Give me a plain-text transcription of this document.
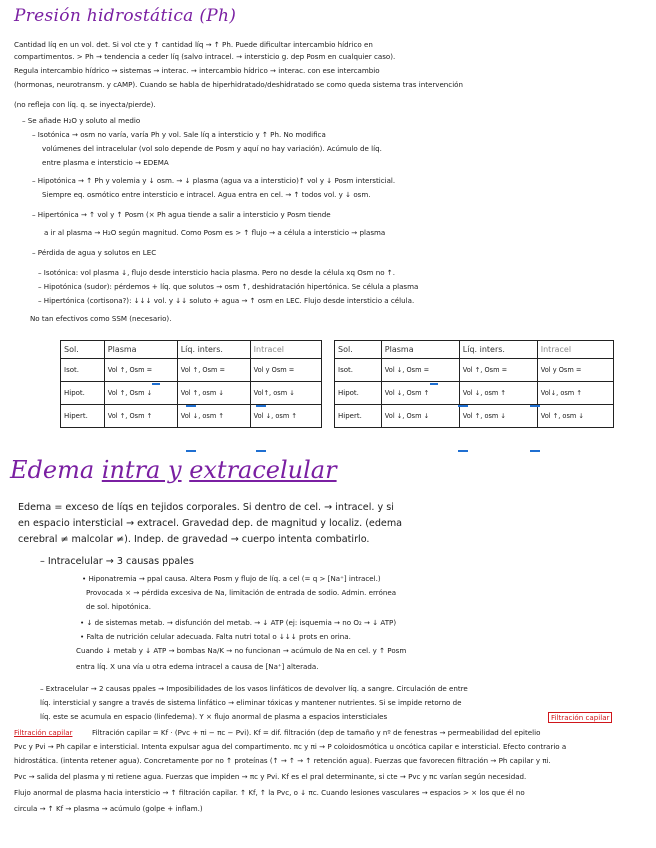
Presión hidrostática (Ph)
Cantidad líq en un vol. det. Si vol cte y ↑ cantidad líq → ↑ Ph. Puede dificultar intercambio hídrico en
compartimentos. > Ph → tendencia a ceder líq (salvo intracel. → intersticio g. dep Posm en cualquier caso).
Regula intercambio hídrico → sistemas → interac. → intercambio hídrico → interac. con ese intercambio
(hormonas, neurotransm. y cAMP). Cuando se habla de hiperhidratado/deshidratado se como queda sistema tras intervención
(no refleja con líq. q. se inyecta/pierde).
– Se añade H₂O y soluto al medio
– Isotónica → osm no varía, varía Ph y vol. Sale líq a intersticio y ↑ Ph. No modifica
volúmenes del intracelular (vol solo depende de Posm y aquí no hay variación). Acúmulo de líq.
entre plasma e intersticio → EDEMA
– Hipotónica → ↑ Ph y volemia y ↓ osm. → ↓ plasma (agua va a intersticio)↑ vol y ↓ Posm intersticial.
Siempre eq. osmótico entre intersticio e intracel. Agua entra en cel. → ↑ todos vol. y ↓ osm.
– Hipertónica → ↑ vol y ↑ Posm (× Ph agua tiende a salir a intersticio y Posm tiende
a ir al plasma → H₂O según magnitud. Como Posm es > ↑ flujo → a célula a intersticio → plasma
– Pérdida de agua y solutos en LEC
– Isotónica: vol plasma ↓, flujo desde intersticio hacia plasma. Pero no desde la célula xq Osm no ↑.
– Hipotónica (sudor): pérdemos + líq. que solutos → osm ↑, deshidratación hipertónica. Se célula a plasma
– Hipertónica (cortisona?): ↓↓↓ vol. y ↓↓ soluto + agua → ↑ osm en LEC. Flujo desde intersticio a célula.
No tan efectivos como SSM (necesario).
Sol.	Plasma	Líq. inters.	Intracel
Isot.	Vol ↑, Osm =	Vol ↑, Osm =	Vol y Osm =
Hipot.	Vol ↑, Osm ↓	Vol ↑, osm ↓	Vol↑, osm ↓
Hipert.	Vol ↑, Osm ↑	Vol ↓, osm ↑	Vol ↓, osm ↑
Sol.	Plasma	Líq. inters.	Intracel
Isot.	Vol ↓, Osm =	Vol ↑, Osm =	Vol y Osm =
Hipot.	Vol ↓, Osm ↑	Vol ↓, osm ↑	Vol↓, osm ↑
Hipert.	Vol ↓, Osm ↓	Vol ↑, osm ↓	Vol ↑, osm ↓
Edema intra y extracelular
Edema = exceso de líqs en tejidos corporales. Si dentro de cel. → intracel. y si
en espacio intersticial → extracel. Gravedad dep. de magnitud y localiz. (edema
cerebral ≠ malcolar ≠). Indep. de gravedad → cuerpo intenta combatirlo.
– Intracelular → 3 causas ppales
• Hiponatremia → ppal causa. Altera Posm y flujo de líq. a cel (= q > [Na⁺] intracel.)
Provocada × → pérdida excesiva de Na, limitación de entrada de sodio. Admin. errónea
de sol. hipotónica.
• ↓ de sistemas metab. → disfunción del metab. → ↓ ATP (ej: isquemia → no O₂ → ↓ ATP)
• Falta de nutrición celular adecuada. Falta nutri total o ↓↓↓ prots en orina.
Cuando ↓ metab y ↓ ATP → bombas Na/K → no funcionan → acúmulo de Na en cel. y ↑ Posm
entra líq. X una vía u otra edema intracel a causa de [Na⁺] alterada.
– Extracelular → 2 causas ppales → Imposibilidades de los vasos linfáticos de devolver líq. a sangre. Circulación de entre
líq. intersticial y sangre a través de sistema linfático → eliminar tóxicas y mantener nutrientes. Si se impide retorno de
líq. este se acumula en espacio (linfedema). Y × flujo anormal de plasma a espacios intersticiales
Filtración capilar	Filtración capilar = Kf · (Pvc + πi − πc − Pvi). Kf = dif. filtración (dep de tamaño y nº de fenestras → permeabilidad del epitelio
Pvc y Pvi → Ph capilar e intersticial. Intenta expulsar agua del compartimento. πc y πi → P coloidosmótica u oncótica capilar e intersticial. Efecto contrario a
hidrostática. (intenta retener agua). Concretamente por no ↑ proteínas (↑ → ↑ → ↑ retención agua). Fuerzas que favorecen filtración → Ph capilar y πi.
Pvc → salida del plasma y πi retiene agua. Fuerzas que impiden → πc y Pvi. Kf es el pral determinante, si cte → Pvc y πc varían según necesidad.
Flujo anormal de plasma hacia intersticio → ↑ filtración capilar. ↑ Kf, ↑ la Pvc, o ↓ πc. Cuando lesiones vasculares → espacios > × los que él no
circula → ↑ Kf → plasma → acúmulo (golpe + inflam.)
Filtración capilar
